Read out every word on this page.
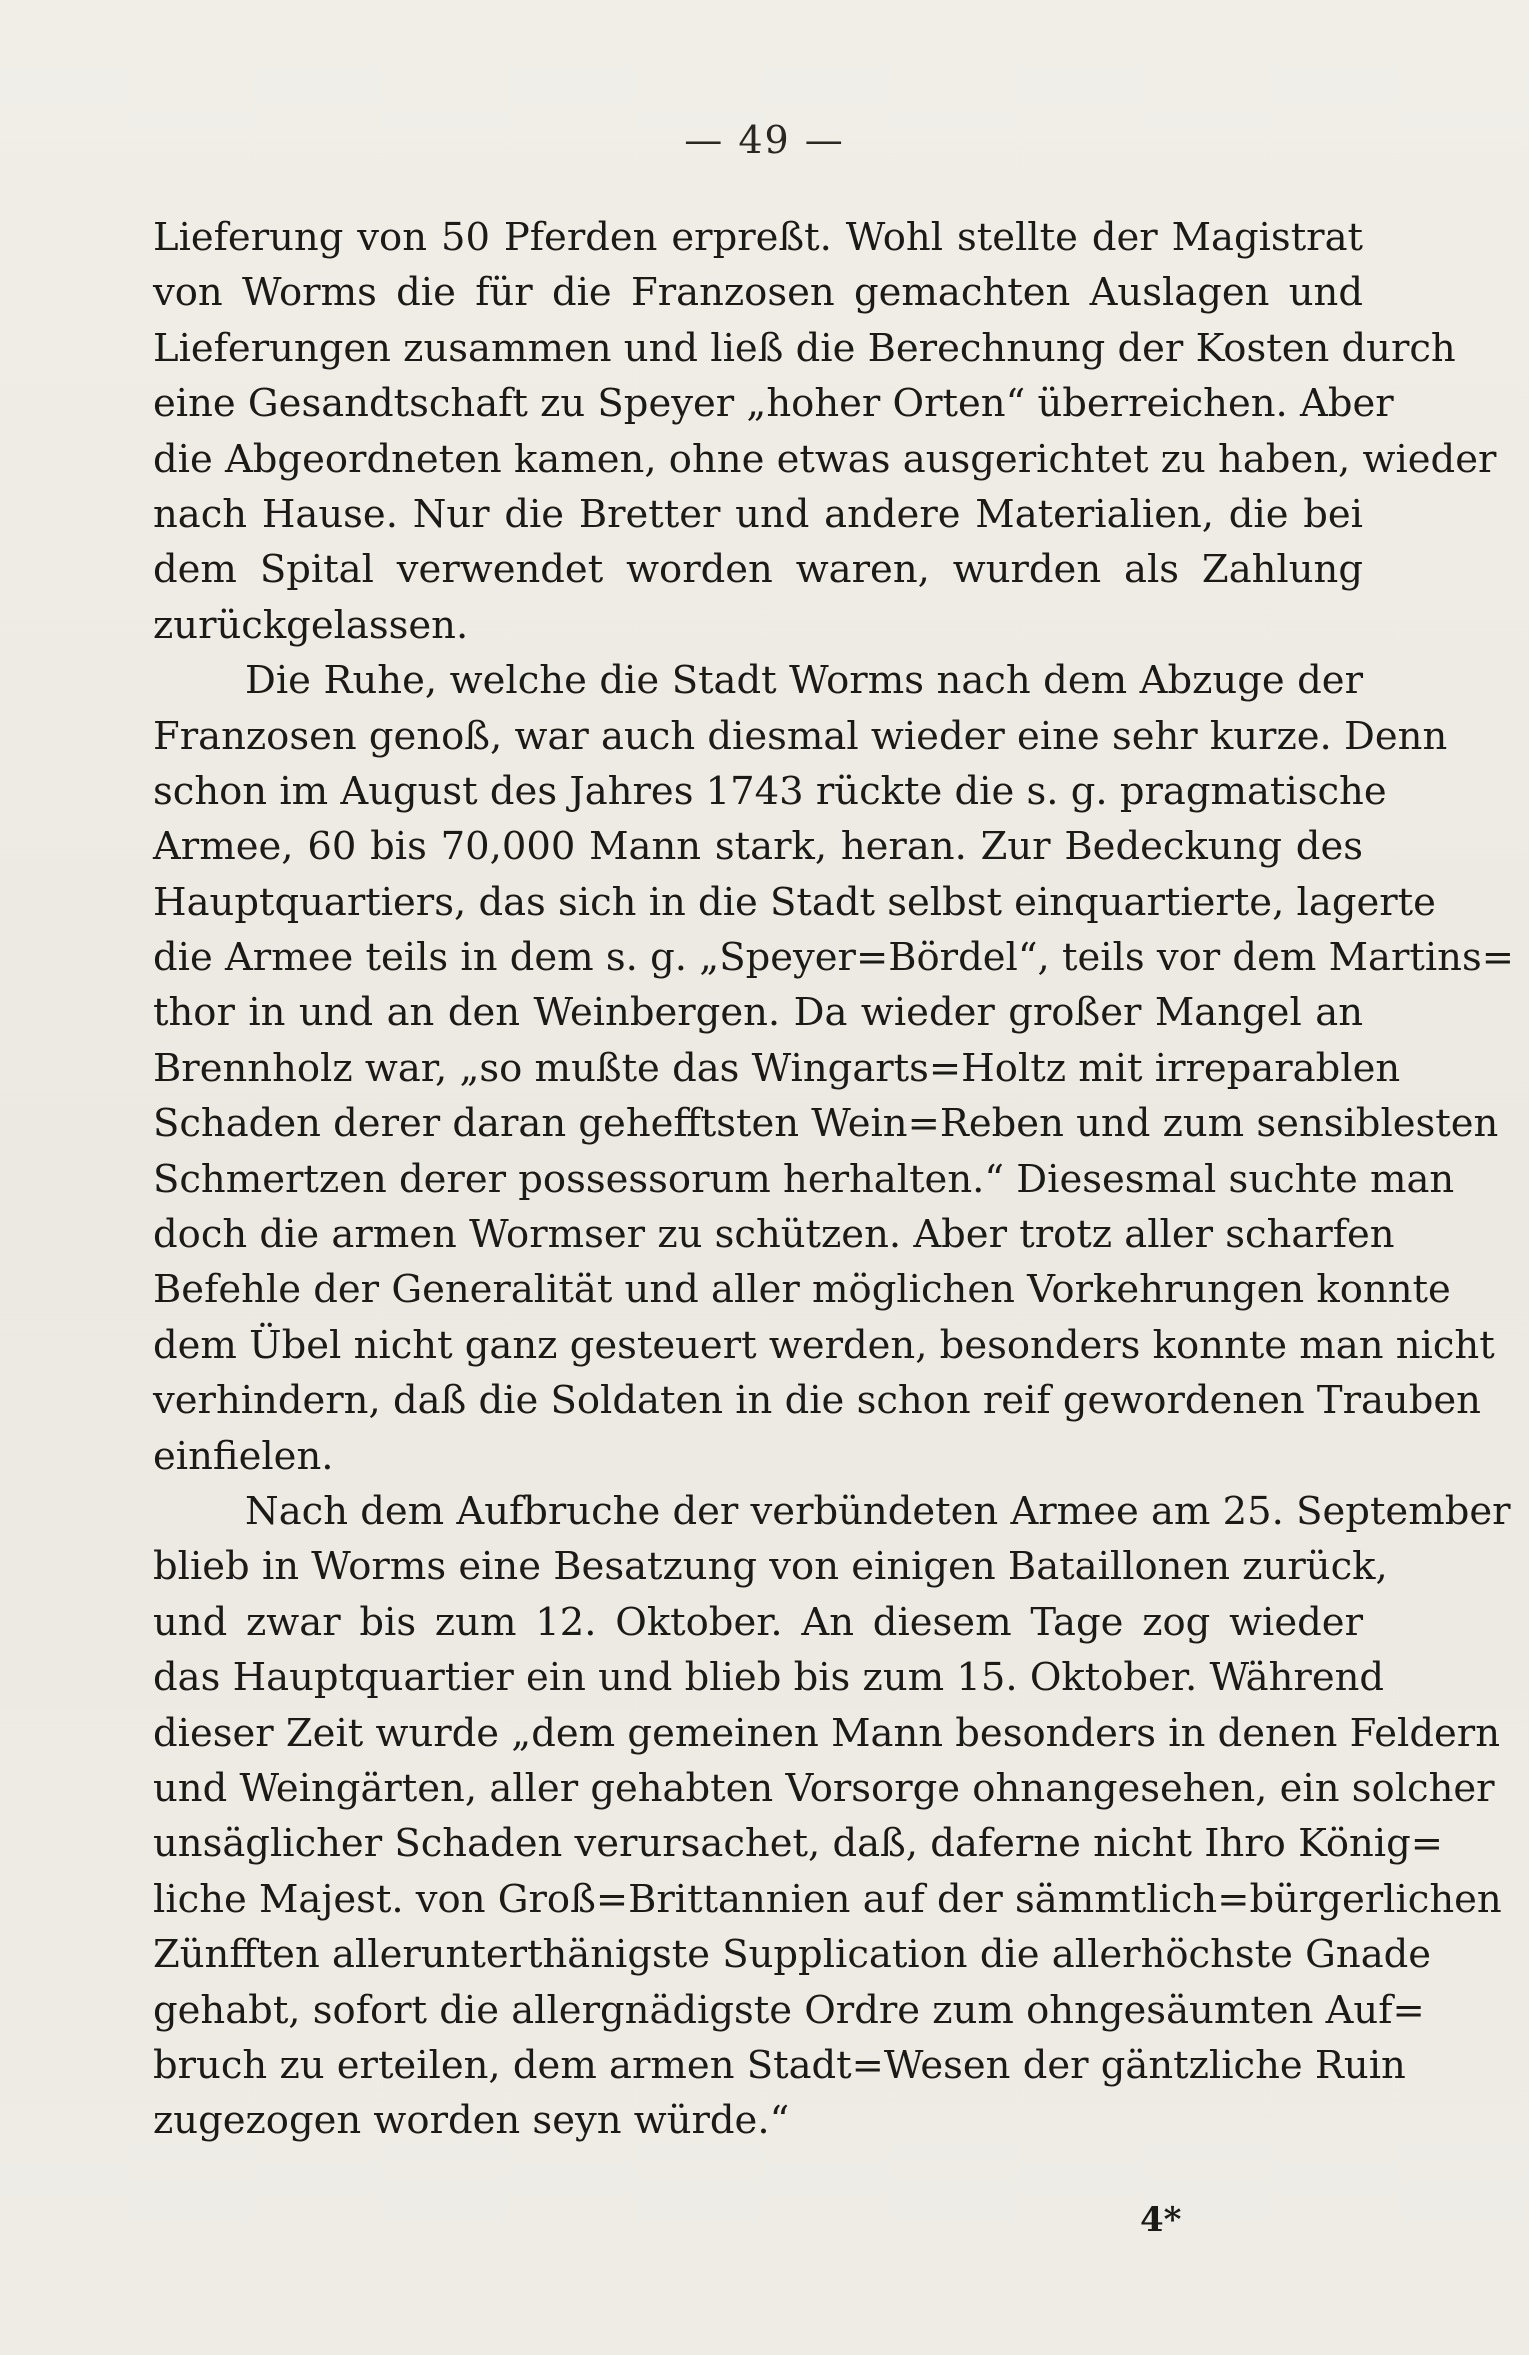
— 49 —
Lieferung von 50 Pferden erpreßt. Wohl stellte der Magistrat
von Worms die für die Franzosen gemachten Auslagen und
Lieferungen zusammen und ließ die Berechnung der Kosten durch
eine Gesandtschaft zu Speyer „hoher Orten“ überreichen. Aber
die Abgeordneten kamen, ohne etwas ausgerichtet zu haben, wieder
nach Hause. Nur die Bretter und andere Materialien, die bei
dem Spital verwendet worden waren, wurden als Zahlung
zurückgelassen.
Die Ruhe, welche die Stadt Worms nach dem Abzuge der
Franzosen genoß, war auch diesmal wieder eine sehr kurze. Denn
schon im August des Jahres 1743 rückte die s. g. pragmatische
Armee, 60 bis 70,000 Mann stark, heran. Zur Bedeckung des
Hauptquartiers, das sich in die Stadt selbst einquartierte, lagerte
die Armee teils in dem s. g. „Speyer=Bördel“, teils vor dem Martins=
thor in und an den Weinbergen. Da wieder großer Mangel an
Brennholz war, „so mußte das Wingarts=Holtz mit irreparablen
Schaden derer daran gehefftsten Wein=Reben und zum sensiblesten
Schmertzen derer possessorum herhalten.“ Diesesmal suchte man
doch die armen Wormser zu schützen. Aber trotz aller scharfen
Befehle der Generalität und aller möglichen Vorkehrungen konnte
dem Übel nicht ganz gesteuert werden, besonders konnte man nicht
verhindern, daß die Soldaten in die schon reif gewordenen Trauben
einfielen.
Nach dem Aufbruche der verbündeten Armee am 25. September
blieb in Worms eine Besatzung von einigen Bataillonen zurück,
und zwar bis zum 12. Oktober. An diesem Tage zog wieder
das Hauptquartier ein und blieb bis zum 15. Oktober. Während
dieser Zeit wurde „dem gemeinen Mann besonders in denen Feldern
und Weingärten, aller gehabten Vorsorge ohnangesehen, ein solcher
unsäglicher Schaden verursachet, daß, daferne nicht Ihro König=
liche Majest. von Groß=Brittannien auf der sämmtlich=bürgerlichen
Zünfften allerunterthänigste Supplication die allerhöchste Gnade
gehabt, sofort die allergnädigste Ordre zum ohngesäumten Auf=
bruch zu erteilen, dem armen Stadt=Wesen der gäntzliche Ruin
zugezogen worden seyn würde.“
4*
